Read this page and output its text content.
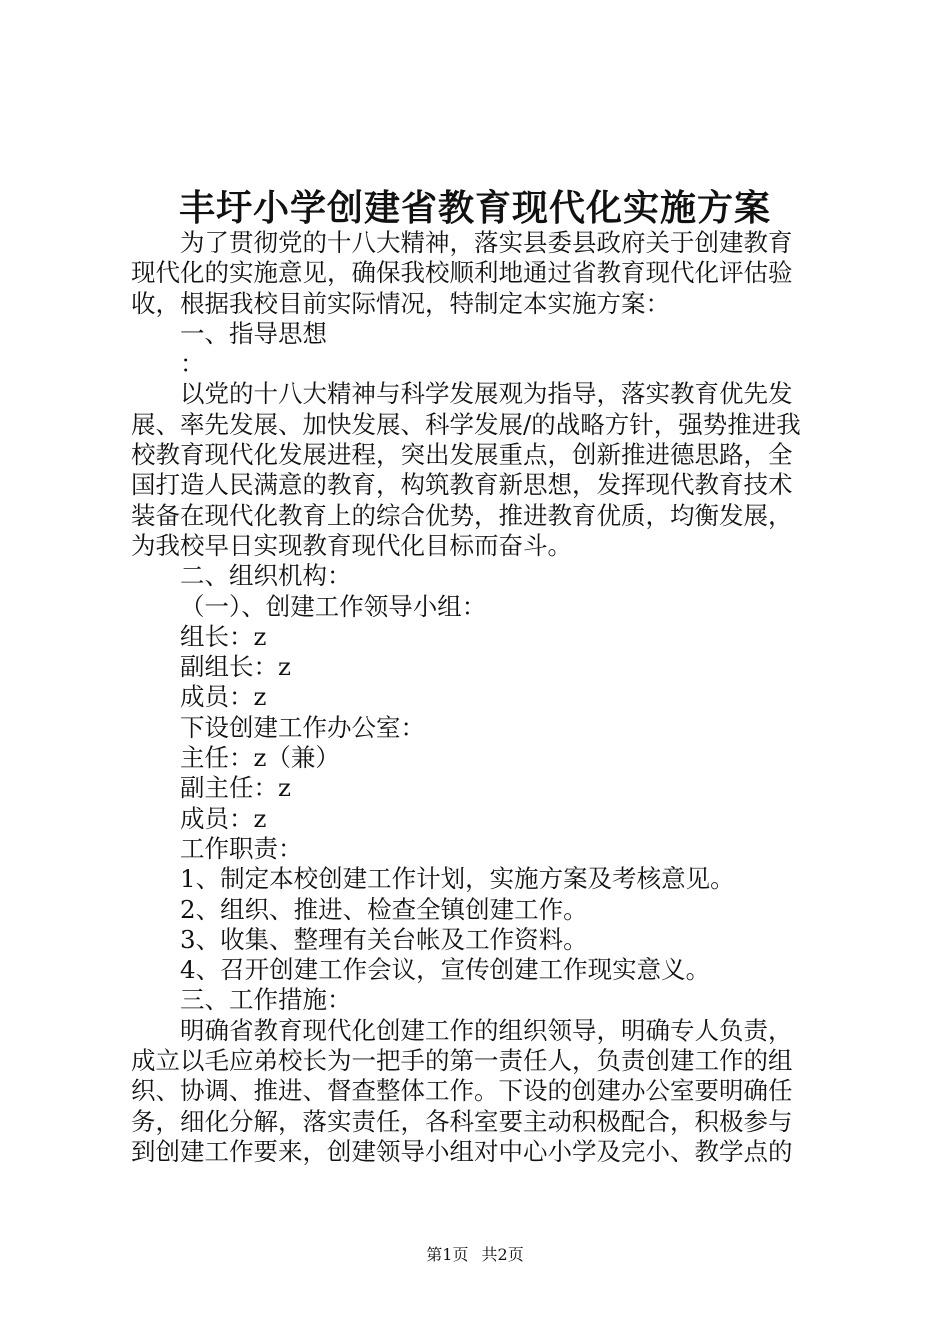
丰圩小学创建省教育现代化实施方案
为了贯彻党的十八大精神，落实县委县政府关于创建教育
现代化的实施意见，确保我校顺利地通过省教育现代化评估验
收，根据我校目前实际情况，特制定本实施方案：
一、指导思想
：
以党的十八大精神与科学发展观为指导，落实教育优先发
展、率先发展、加快发展、科学发展/的战略方针，强势推进我
校教育现代化发展进程，突出发展重点，创新推进德思路，全
国打造人民满意的教育，构筑教育新思想，发挥现代教育技术
装备在现代化教育上的综合优势，推进教育优质，均衡发展，
为我校早日实现教育现代化目标而奋斗。
二、组织机构：
（一）、创建工作领导小组：
组长：z
副组长：z
成员：z
下设创建工作办公室：
主任：z（兼）
副主任：z
成员：z
工作职责：
1、制定本校创建工作计划，实施方案及考核意见。
2、组织、推进、检查全镇创建工作。
3、收集、整理有关台帐及工作资料。
4、召开创建工作会议，宣传创建工作现实意义。
三、工作措施：
明确省教育现代化创建工作的组织领导，明确专人负责，
成立以毛应弟校长为一把手的第一责任人，负责创建工作的组
织、协调、推进、督查整体工作。下设的创建办公室要明确任
务，细化分解，落实责任，各科室要主动积极配合，积极参与
到创建工作要来，创建领导小组对中心小学及完小、教学点的
第1页 共2页
